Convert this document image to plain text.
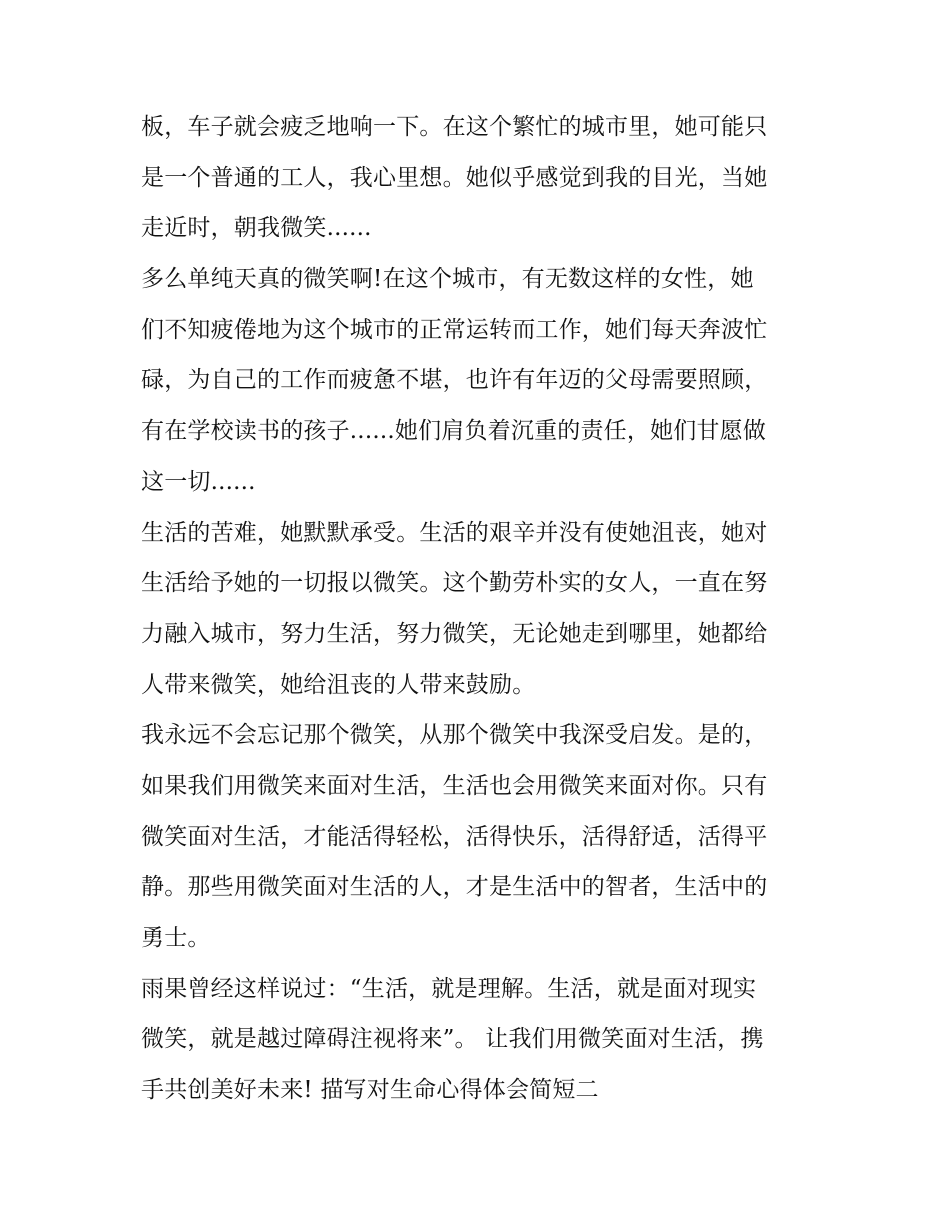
板，车子就会疲乏地响一下。在这个繁忙的城市里，她可能只
是一个普通的工人，我心里想。她似乎感觉到我的目光，当她
走近时，朝我微笑......
多么单纯天真的微笑啊!在这个城市，有无数这样的女性，她
们不知疲倦地为这个城市的正常运转而工作，她们每天奔波忙
碌，为自己的工作而疲惫不堪，也许有年迈的父母需要照顾，
有在学校读书的孩子......她们肩负着沉重的责任，她们甘愿做
这一切......
生活的苦难，她默默承受。生活的艰辛并没有使她沮丧，她对
生活给予她的一切报以微笑。这个勤劳朴实的女人，一直在努
力融入城市，努力生活，努力微笑，无论她走到哪里，她都给
人带来微笑，她给沮丧的人带来鼓励。
我永远不会忘记那个微笑，从那个微笑中我深受启发。是的，
如果我们用微笑来面对生活，生活也会用微笑来面对你。只有
微笑面对生活，才能活得轻松，活得快乐，活得舒适，活得平
静。那些用微笑面对生活的人，才是生活中的智者，生活中的
勇士。
雨果曾经这样说过：“生活，就是理解。生活，就是面对现实
微笑，就是越过障碍注视将来”。 让我们用微笑面对生活，携
手共创美好未来! 描写对生命心得体会简短二
